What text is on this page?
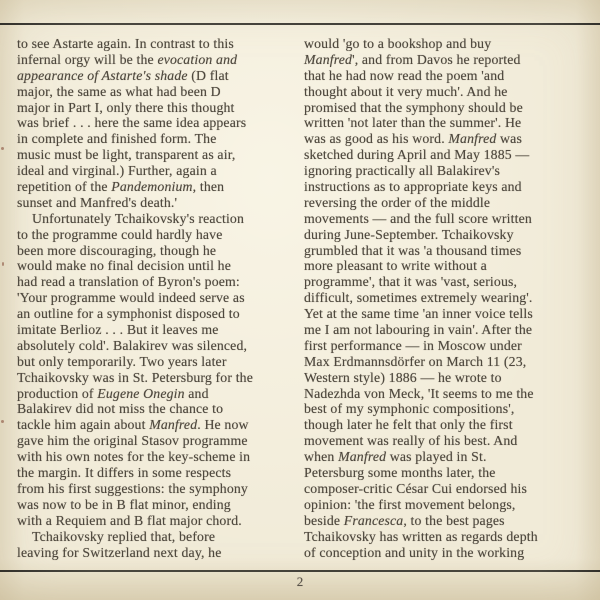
to see Astarte again. In contrast to this
infernal orgy will be the evocation and
appearance of Astarte's shade (D flat
major, the same as what had been D
major in Part I, only there this thought
was brief . . . here the same idea appears
in complete and finished form. The
music must be light, transparent as air,
ideal and virginal.) Further, again a
repetition of the Pandemonium, then
sunset and Manfred's death.'
Unfortunately Tchaikovsky's reaction
to the programme could hardly have
been more discouraging, though he
would make no final decision until he
had read a translation of Byron's poem:
'Your programme would indeed serve as
an outline for a symphonist disposed to
imitate Berlioz . . . But it leaves me
absolutely cold'. Balakirev was silenced,
but only temporarily. Two years later
Tchaikovsky was in St. Petersburg for the
production of Eugene Onegin and
Balakirev did not miss the chance to
tackle him again about Manfred. He now
gave him the original Stasov programme
with his own notes for the key-scheme in
the margin. It differs in some respects
from his first suggestions: the symphony
was now to be in B flat minor, ending
with a Requiem and B flat major chord.
Tchaikovsky replied that, before
leaving for Switzerland next day, he
would 'go to a bookshop and buy
Manfred', and from Davos he reported
that he had now read the poem 'and
thought about it very much'. And he
promised that the symphony should be
written 'not later than the summer'. He
was as good as his word. Manfred was
sketched during April and May 1885 —
ignoring practically all Balakirev's
instructions as to appropriate keys and
reversing the order of the middle
movements — and the full score written
during June-September. Tchaikovsky
grumbled that it was 'a thousand times
more pleasant to write without a
programme', that it was 'vast, serious,
difficult, sometimes extremely wearing'.
Yet at the same time 'an inner voice tells
me I am not labouring in vain'. After the
first performance — in Moscow under
Max Erdmannsdörfer on March 11 (23,
Western style) 1886 — he wrote to
Nadezhda von Meck, 'It seems to me the
best of my symphonic compositions',
though later he felt that only the first
movement was really of his best. And
when Manfred was played in St.
Petersburg some months later, the
composer-critic César Cui endorsed his
opinion: 'the first movement belongs,
beside Francesca, to the best pages
Tchaikovsky has written as regards depth
of conception and unity in the working
2
